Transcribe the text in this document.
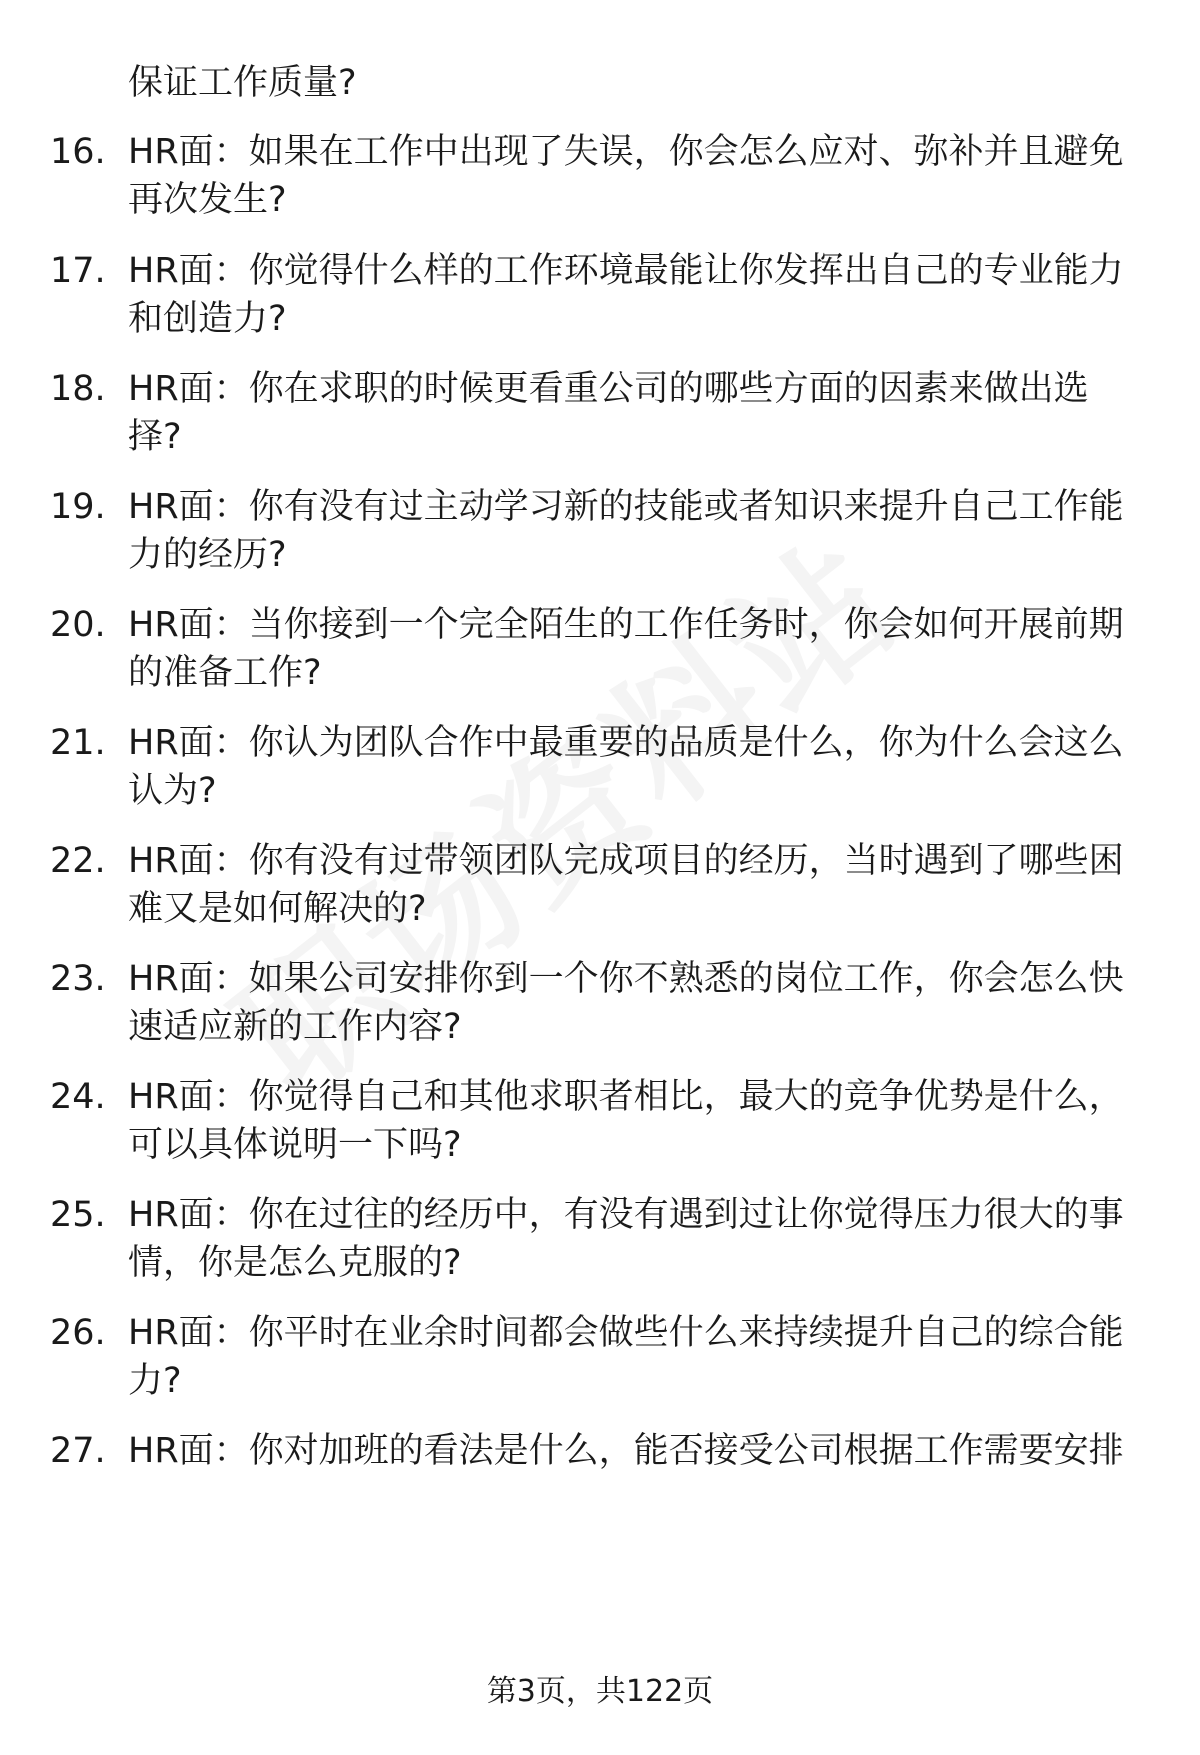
保证工作质量?
16. HR面：如果在工作中出现了失误，你会怎么应对、弥补并且避免
再次发生?
17. HR面：你觉得什么样的工作环境最能让你发挥出自己的专业能力
和创造力?
18. HR面：你在求职的时候更看重公司的哪些方面的因素来做出选
择?
19. HR面：你有没有过主动学习新的技能或者知识来提升自己工作能
力的经历?
20. HR面：当你接到一个完全陌生的工作任务时，你会如何开展前期
的准备工作?
21. HR面：你认为团队合作中最重要的品质是什么，你为什么会这么
认为?
22. HR面：你有没有过带领团队完成项目的经历，当时遇到了哪些困
难又是如何解决的?
23. HR面：如果公司安排你到一个你不熟悉的岗位工作，你会怎么快
速适应新的工作内容?
24. HR面：你觉得自己和其他求职者相比，最大的竞争优势是什么，
可以具体说明一下吗?
25. HR面：你在过往的经历中，有没有遇到过让你觉得压力很大的事
情，你是怎么克服的?
26. HR面：你平时在业余时间都会做些什么来持续提升自己的综合能
力?
27. HR面：你对加班的看法是什么，能否接受公司根据工作需要安排
第3页，共122页
